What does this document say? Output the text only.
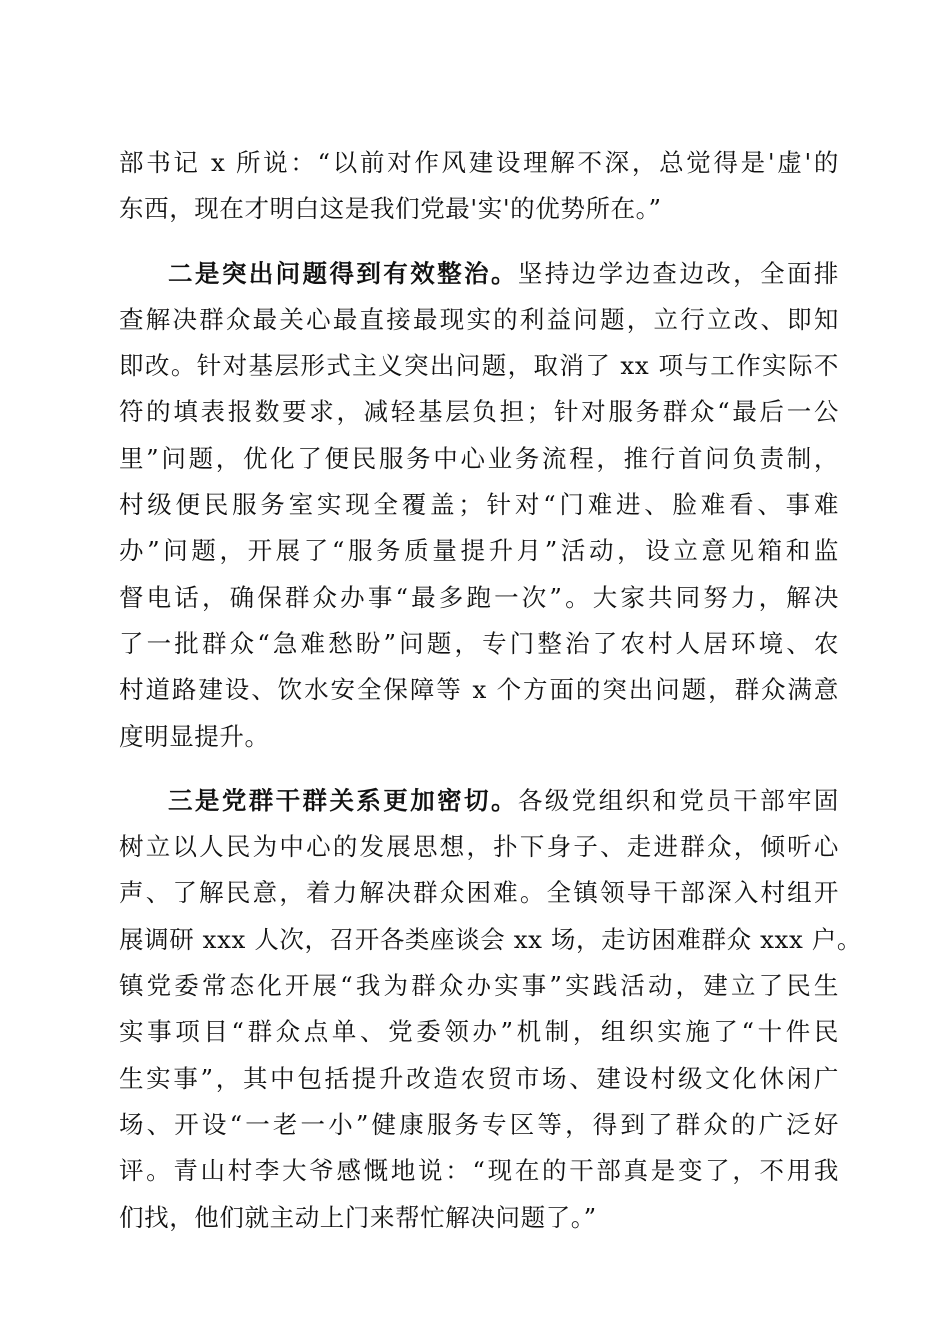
部书记 x 所说：“以前对作风建设理解不深，总觉得是'虚'的
东西，现在才明白这是我们党最'实'的优势所在。”
二是突出问题得到有效整治。坚持边学边查边改，全面排
查解决群众最关心最直接最现实的利益问题，立行立改、即知
即改。针对基层形式主义突出问题，取消了 xx 项与工作实际不
符的填表报数要求，减轻基层负担；针对服务群众“最后一公
里”问题，优化了便民服务中心业务流程，推行首问负责制，
村级便民服务室实现全覆盖；针对“门难进、脸难看、事难
办”问题，开展了“服务质量提升月”活动，设立意见箱和监
督电话，确保群众办事“最多跑一次”。大家共同努力，解决
了一批群众“急难愁盼”问题，专门整治了农村人居环境、农
村道路建设、饮水安全保障等 x 个方面的突出问题，群众满意
度明显提升。
三是党群干群关系更加密切。各级党组织和党员干部牢固
树立以人民为中心的发展思想，扑下身子、走进群众，倾听心
声、了解民意，着力解决群众困难。全镇领导干部深入村组开
展调研 xxx 人次，召开各类座谈会 xx 场，走访困难群众 xxx 户。
镇党委常态化开展“我为群众办实事”实践活动，建立了民生
实事项目“群众点单、党委领办”机制，组织实施了“十件民
生实事”，其中包括提升改造农贸市场、建设村级文化休闲广
场、开设“一老一小”健康服务专区等，得到了群众的广泛好
评。青山村李大爷感慨地说：“现在的干部真是变了，不用我
们找，他们就主动上门来帮忙解决问题了。”
